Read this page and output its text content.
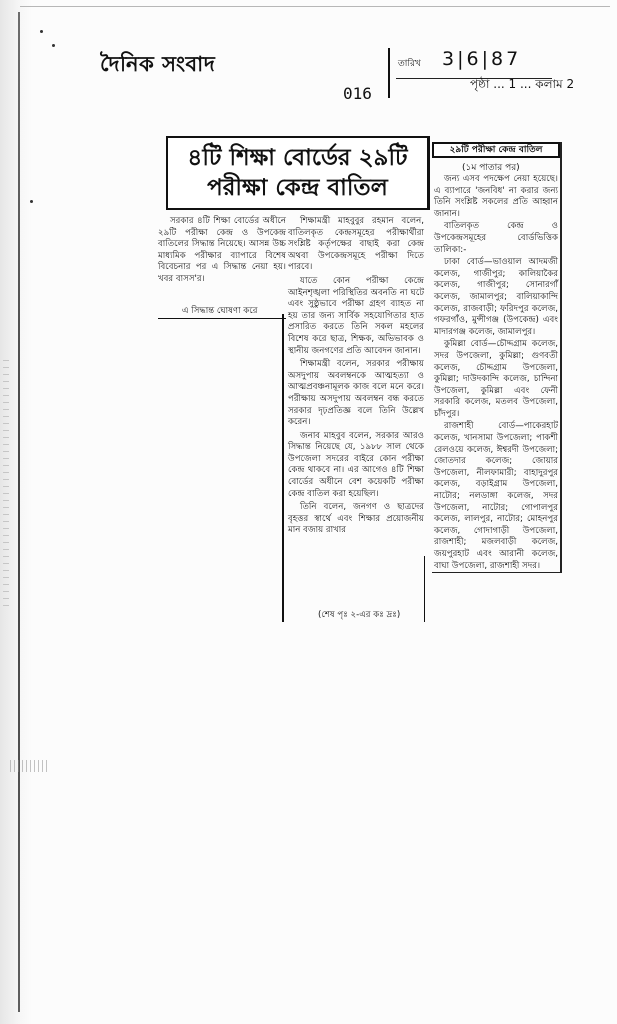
দৈনিক সংবাদ	তারিখ 3|6|87
পৃষ্ঠা ... 1 ... কলাম 2
016
৪টি শিক্ষা বোর্ডের ২৯টি
পরীক্ষা কেন্দ্র বাতিল

সরকার ৪টি শিক্ষা বোর্ডের অধীনে ২৯টি পরীক্ষা কেন্দ্র ও উপকেন্দ্র বাতিলের সিদ্ধান্ত নিয়েছে। আসন্ন উচ্চ মাধ্যমিক পরীক্ষার ব্যাপারে বিশেষ বিবেচনার পর এ সিদ্ধান্ত নেয়া হয়। খবর বাসস'র।

এ সিদ্ধান্ত ঘোষণা করে

শিক্ষামন্ত্রী মাহবুবুর রহমান বলেন, বাতিলকৃত কেন্দ্রসমূহের পরীক্ষার্থীরা সংশ্লিষ্ট কর্তৃপক্ষের বাছাই করা কেন্দ্র অথবা উপকেন্দ্রসমূহে পরীক্ষা দিতে পারবে।

যাতে কোন পরীক্ষা কেন্দ্রে আইনশৃঙ্খলা পরিস্থিতির অবনতি না ঘটে এবং সুষ্ঠুভাবে পরীক্ষা গ্রহণ ব্যাহত না হয় তার জন্য সার্বিক সহযোগিতার হাত প্রসারিত করতে তিনি সকল মহলের বিশেষ করে ছাত্র, শিক্ষক, অভিভাবক ও স্থানীয় জনগণের প্রতি আবেদন জানান।

শিক্ষামন্ত্রী বলেন, সরকার পরীক্ষায় অসদুপায় অবলম্বনকে আত্মহত্যা ও আত্মপ্রবঞ্চনামূলক কাজ বলে মনে করে। পরীক্ষায় অসদুপায় অবলম্বন বন্ধ করতে সরকার দৃঢ়প্রতিজ্ঞ বলে তিনি উল্লেখ করেন।

জনাব মাহবুব বলেন, সরকার আরও সিদ্ধান্ত নিয়েছে যে, ১৯৮৮ সাল থেকে উপজেলা সদরের বাইরে কোন পরীক্ষা কেন্দ্র থাকবে না। এর আগেও ৪টি শিক্ষা বোর্ডের অধীনে বেশ কয়েকটি পরীক্ষা কেন্দ্র বাতিল করা হয়েছিল।

তিনি বলেন, জনগণ ও ছাত্রদের বৃহত্তর স্বার্থে এবং শিক্ষার প্রয়োজনীয় মান বজায় রাখার

(শেষ পৃঃ ২-এর কঃ দ্রঃ)
২৯টি পরীক্ষা কেন্দ্র বাতিল
(১ম পাতার পর)

জন্য এসব পদক্ষেপ নেয়া হয়েছে। এ ব্যাপারে 'জনবিধ' না করার জন্য তিনি সংশ্লিষ্ট সকলের প্রতি আহ্বান জানান।

বাতিলকৃত কেন্দ্র ও উপকেন্দ্রসমূহের বোর্ডভিত্তিক তালিকা:-

ঢাকা বোর্ড—ভাওয়াল আদমজী কলেজ, গাজীপুর; কালিয়াকৈর কলেজ, গাজীপুর; সোনারগাঁ কলেজ, জামালপুর; বালিয়াকান্দি কলেজ, রাজবাড়ী; ফরিদপুর কলেজ, গফরগাঁও, মুন্সীগঞ্জ (উপকেন্দ্র) এবং মাদারগঞ্জ কলেজ, জামালপুর।

কুমিল্লা বোর্ড—চৌদ্দগ্রাম কলেজ, সদর উপজেলা, কুমিল্লা; গুণবতী কলেজ, চৌদ্দগ্রাম উপজেলা, কুমিল্লা; দাউদকান্দি কলেজ, চান্দিনা উপজেলা, কুমিল্লা এবং ফেনী সরকারি কলেজ, মতলব উপজেলা, চাঁদপুর।

রাজশাহী বোর্ড—পাকেরহাট কলেজ, খানসামা উপজেলা; পাকশী রেলওয়ে কলেজ, ঈশ্বরদী উপজেলা; জোতদার কলেজ; জোয়ার উপজেলা, নীলফামারী; বাহাদুরপুর কলেজ, বড়াইগ্রাম উপজেলা, নাটোর; নলডাঙ্গা কলেজ, সদর উপজেলা, নাটোর; গোপালপুর কলেজ, লালপুর, নাটোর; মোহনপুর কলেজ, গোদাগাড়ী উপজেলা, রাজশাহী; মজলবাড়ী কলেজ, জয়পুরহাট এবং আরানী কলেজ, বাঘা উপজেলা, রাজশাহী সদর।
